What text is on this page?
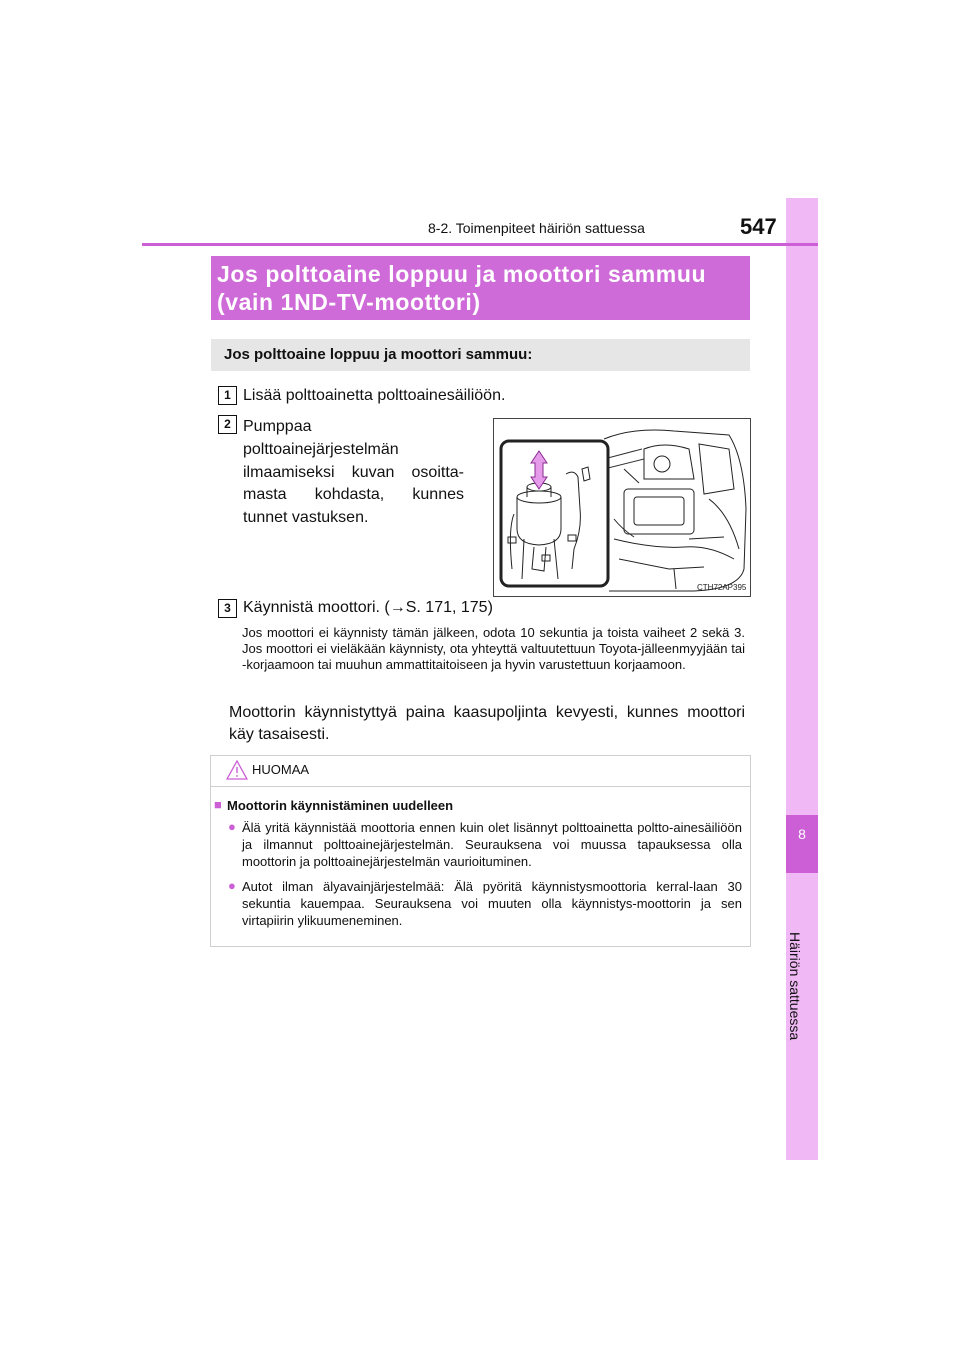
8
Häiriön sattuessa
8-2. Toimenpiteet häiriön sattuessa	547
Jos polttoaine loppuu ja moottori sammuu
(vain 1ND-TV-moottori)
Jos polttoaine loppuu ja moottori sammuu:
1 Lisää polttoainetta polttoainesäiliöön.
2 Pumppaa polttoainejärjestelmän ilmaamiseksi kuvan osoitta-masta kohdasta, kunnes tunnet vastuksen.
CTH72AP395
3 Käynnistä moottori. (→S. 171, 175)
Jos moottori ei käynnisty tämän jälkeen, odota 10 sekuntia ja toista vaiheet 2 sekä 3. Jos moottori ei vieläkään käynnisty, ota yhteyttä valtuutettuun Toyota-jälleenmyyjään tai -korjaamoon tai muuhun ammattitaitoiseen ja hyvin varustettuun korjaamoon.
Moottorin käynnistyttyä paina kaasupoljinta kevyesti, kunnes moottori käy tasaisesti.
HUOMAA
■ Moottorin käynnistäminen uudelleen
● Älä yritä käynnistää moottoria ennen kuin olet lisännyt polttoainetta poltto-ainesäiliöön ja ilmannut polttoainejärjestelmän. Seurauksena voi muussa tapauksessa olla moottorin ja polttoainejärjestelmän vaurioituminen.
● Autot ilman älyavainjärjestelmää: Älä pyöritä käynnistysmoottoria kerral-laan 30 sekuntia kauempaa. Seurauksena voi muuten olla käynnistys-moottorin ja sen virtapiirin ylikuumeneminen.
